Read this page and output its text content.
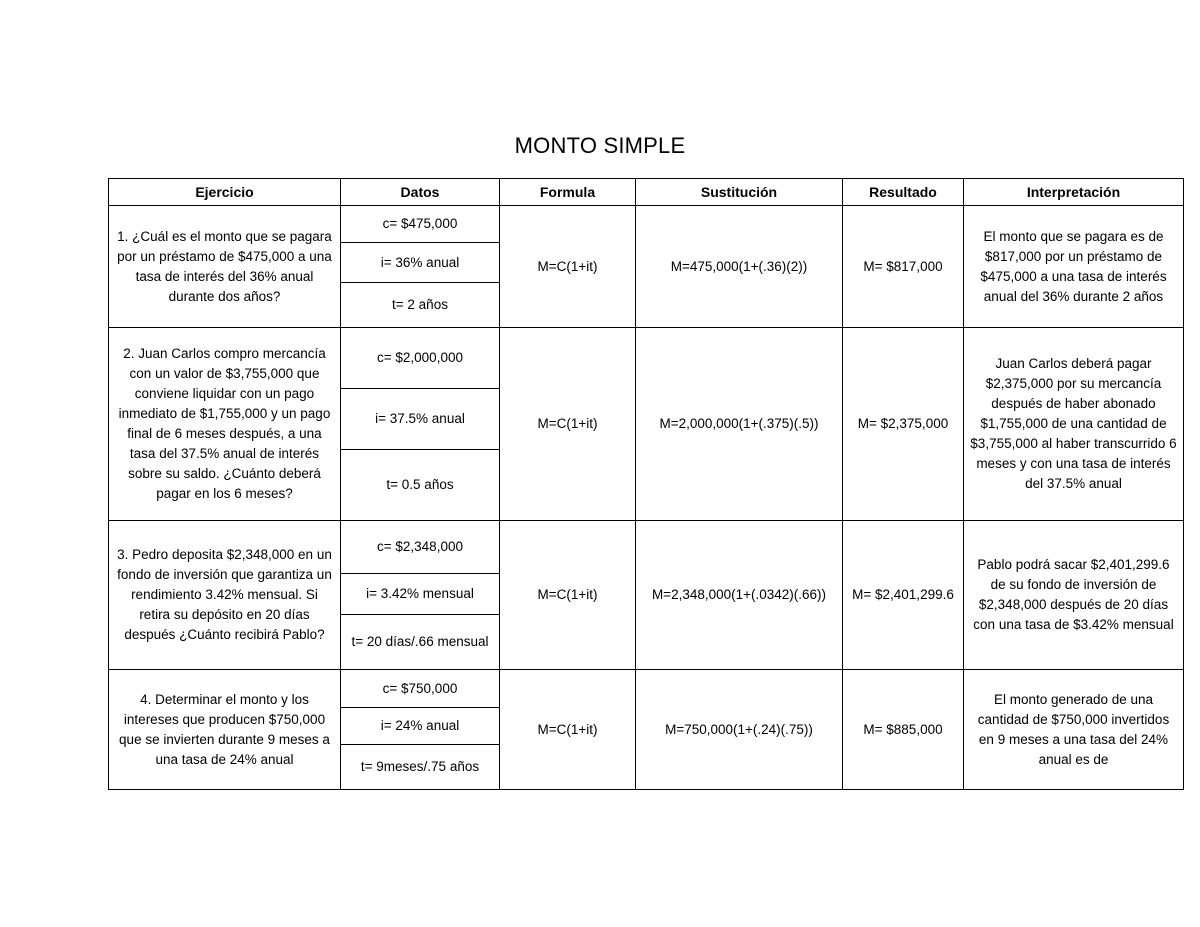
MONTO SIMPLE
Ejercicio	Datos	Formula	Sustitución	Resultado	Interpretación
1. ¿Cuál es el monto que se pagara por un préstamo de $475,000 a una tasa de interés del 36% anual durante dos años?	c= $475,000	M=C(1+it)	M=475,000(1+(.36)(2))	M= $817,000	El monto que se pagara es de $817,000 por un préstamo de $475,000 a una tasa de interés anual del 36% durante 2 años
	i= 36% anual				
	t= 2 años				
2. Juan Carlos compro mercancía con un valor de $3,755,000 que conviene liquidar con un pago inmediato de $1,755,000 y un pago final de 6 meses después, a una tasa del 37.5% anual de interés sobre su saldo. ¿Cuánto deberá pagar en los 6 meses?	c= $2,000,000	M=C(1+it)	M=2,000,000(1+(.375)(.5))	M= $2,375,000	Juan Carlos deberá pagar $2,375,000 por su mercancía después de haber abonado $1,755,000 de una cantidad de $3,755,000 al haber transcurrido 6 meses y con una tasa de interés del 37.5% anual
	i= 37.5% anual				
	t= 0.5 años				
3. Pedro deposita $2,348,000 en un fondo de inversión que garantiza un rendimiento 3.42% mensual. Si retira su depósito en 20 días después ¿Cuánto recibirá Pablo?	c= $2,348,000	M=C(1+it)	M=2,348,000(1+(.0342)(.66))	M= $2,401,299.6	Pablo podrá sacar $2,401,299.6 de su fondo de inversión de $2,348,000 después de 20 días con una tasa de $3.42% mensual
	i= 3.42% mensual				
	t= 20 días/.66 mensual				
4. Determinar el monto y los intereses que producen $750,000 que se invierten durante 9 meses a una tasa de 24% anual	c= $750,000	M=C(1+it)	M=750,000(1+(.24)(.75))	M= $885,000	El monto generado de una cantidad de $750,000 invertidos en 9 meses a una tasa del 24% anual es de
	i= 24% anual				
	t= 9meses/.75 años				
